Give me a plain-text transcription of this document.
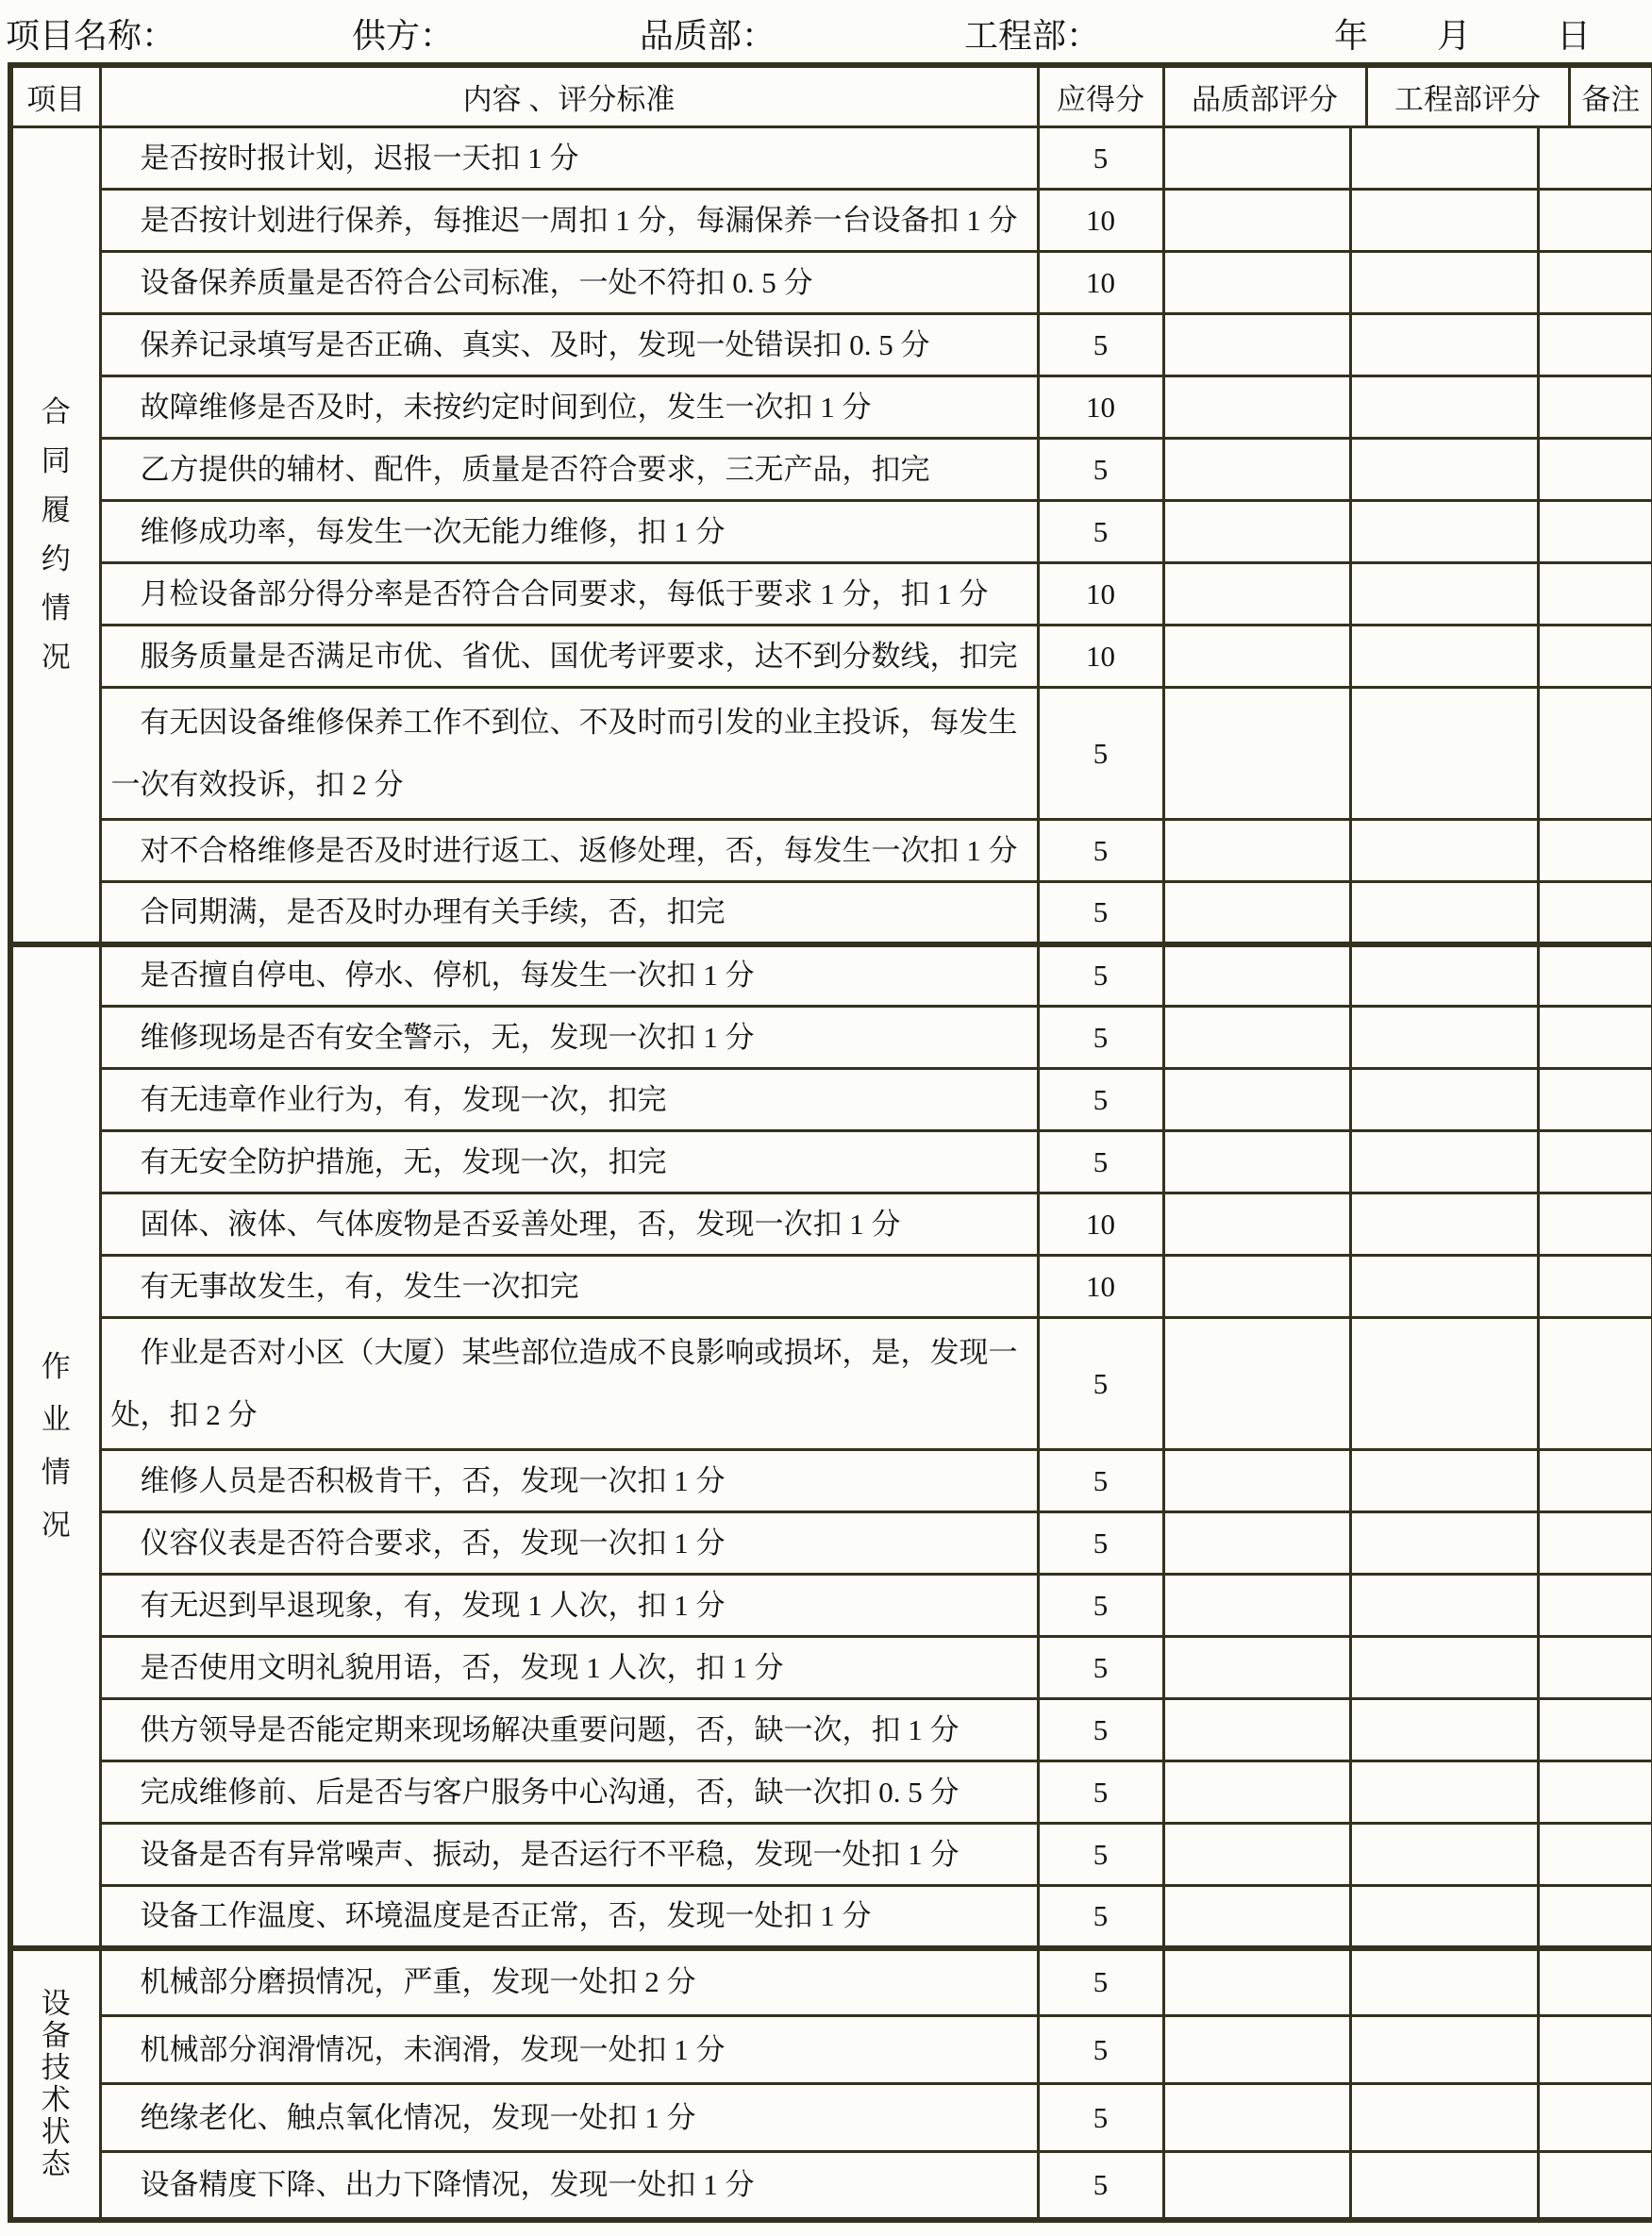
项目名称：	供方：	品质部：	工程部：	年 月	日
项目	内容 、评分标准	应得分	品质部评分	工程部评分	备注
合同履约情况	是否按时报计划，迟报一天扣 1 分	5			
	是否按计划进行保养，每推迟一周扣 1 分，每漏保养一台设备扣 1 分	10			
	设备保养质量是否符合公司标准，一处不符扣 0. 5 分	10			
	保养记录填写是否正确、真实、及时，发现一处错误扣 0. 5 分	5			
	故障维修是否及时，未按约定时间到位，发生一次扣 1 分	10			
	乙方提供的辅材、配件，质量是否符合要求，三无产品，扣完	5			
	维修成功率，每发生一次无能力维修，扣 1 分	5			
	月检设备部分得分率是否符合合同要求，每低于要求 1 分，扣 1 分	10			
	服务质量是否满足市优、省优、国优考评要求，达不到分数线，扣完	10			
	有无因设备维修保养工作不到位、不及时而引发的业主投诉，每发生一次有效投诉，扣 2 分	5			
	对不合格维修是否及时进行返工、返修处理，否，每发生一次扣 1 分	5			
	合同期满，是否及时办理有关手续，否，扣完	5			

作业情况	是否擅自停电、停水、停机，每发生一次扣 1 分	5			
	维修现场是否有安全警示，无，发现一次扣 1 分	5			
	有无违章作业行为，有，发现一次，扣完	5			
	有无安全防护措施，无，发现一次，扣完	5			
	固体、液体、气体废物是否妥善处理，否，发现一次扣 1 分	10			
	有无事故发生，有，发生一次扣完	10			
	作业是否对小区（大厦）某些部位造成不良影响或损坏，是，发现一处，扣 2 分	5			
	维修人员是否积极肯干，否，发现一次扣 1 分	5			
	仪容仪表是否符合要求，否，发现一次扣 1 分	5			
	有无迟到早退现象，有，发现 1 人次，扣 1 分	5			
	是否使用文明礼貌用语，否，发现 1 人次，扣 1 分	5			
	供方领导是否能定期来现场解决重要问题，否，缺一次，扣 1 分	5			
	完成维修前、后是否与客户服务中心沟通，否，缺一次扣 0. 5 分	5			
	设备是否有异常噪声、振动，是否运行不平稳，发现一处扣 1 分	5			
	设备工作温度、环境温度是否正常，否，发现一处扣 1 分	5			

设备技术状态	机械部分磨损情况，严重，发现一处扣 2 分	5			
	机械部分润滑情况，未润滑，发现一处扣 1 分	5			
	绝缘老化、触点氧化情况，发现一处扣 1 分	5			
	设备精度下降、出力下降情况，发现一处扣 1 分	5			
